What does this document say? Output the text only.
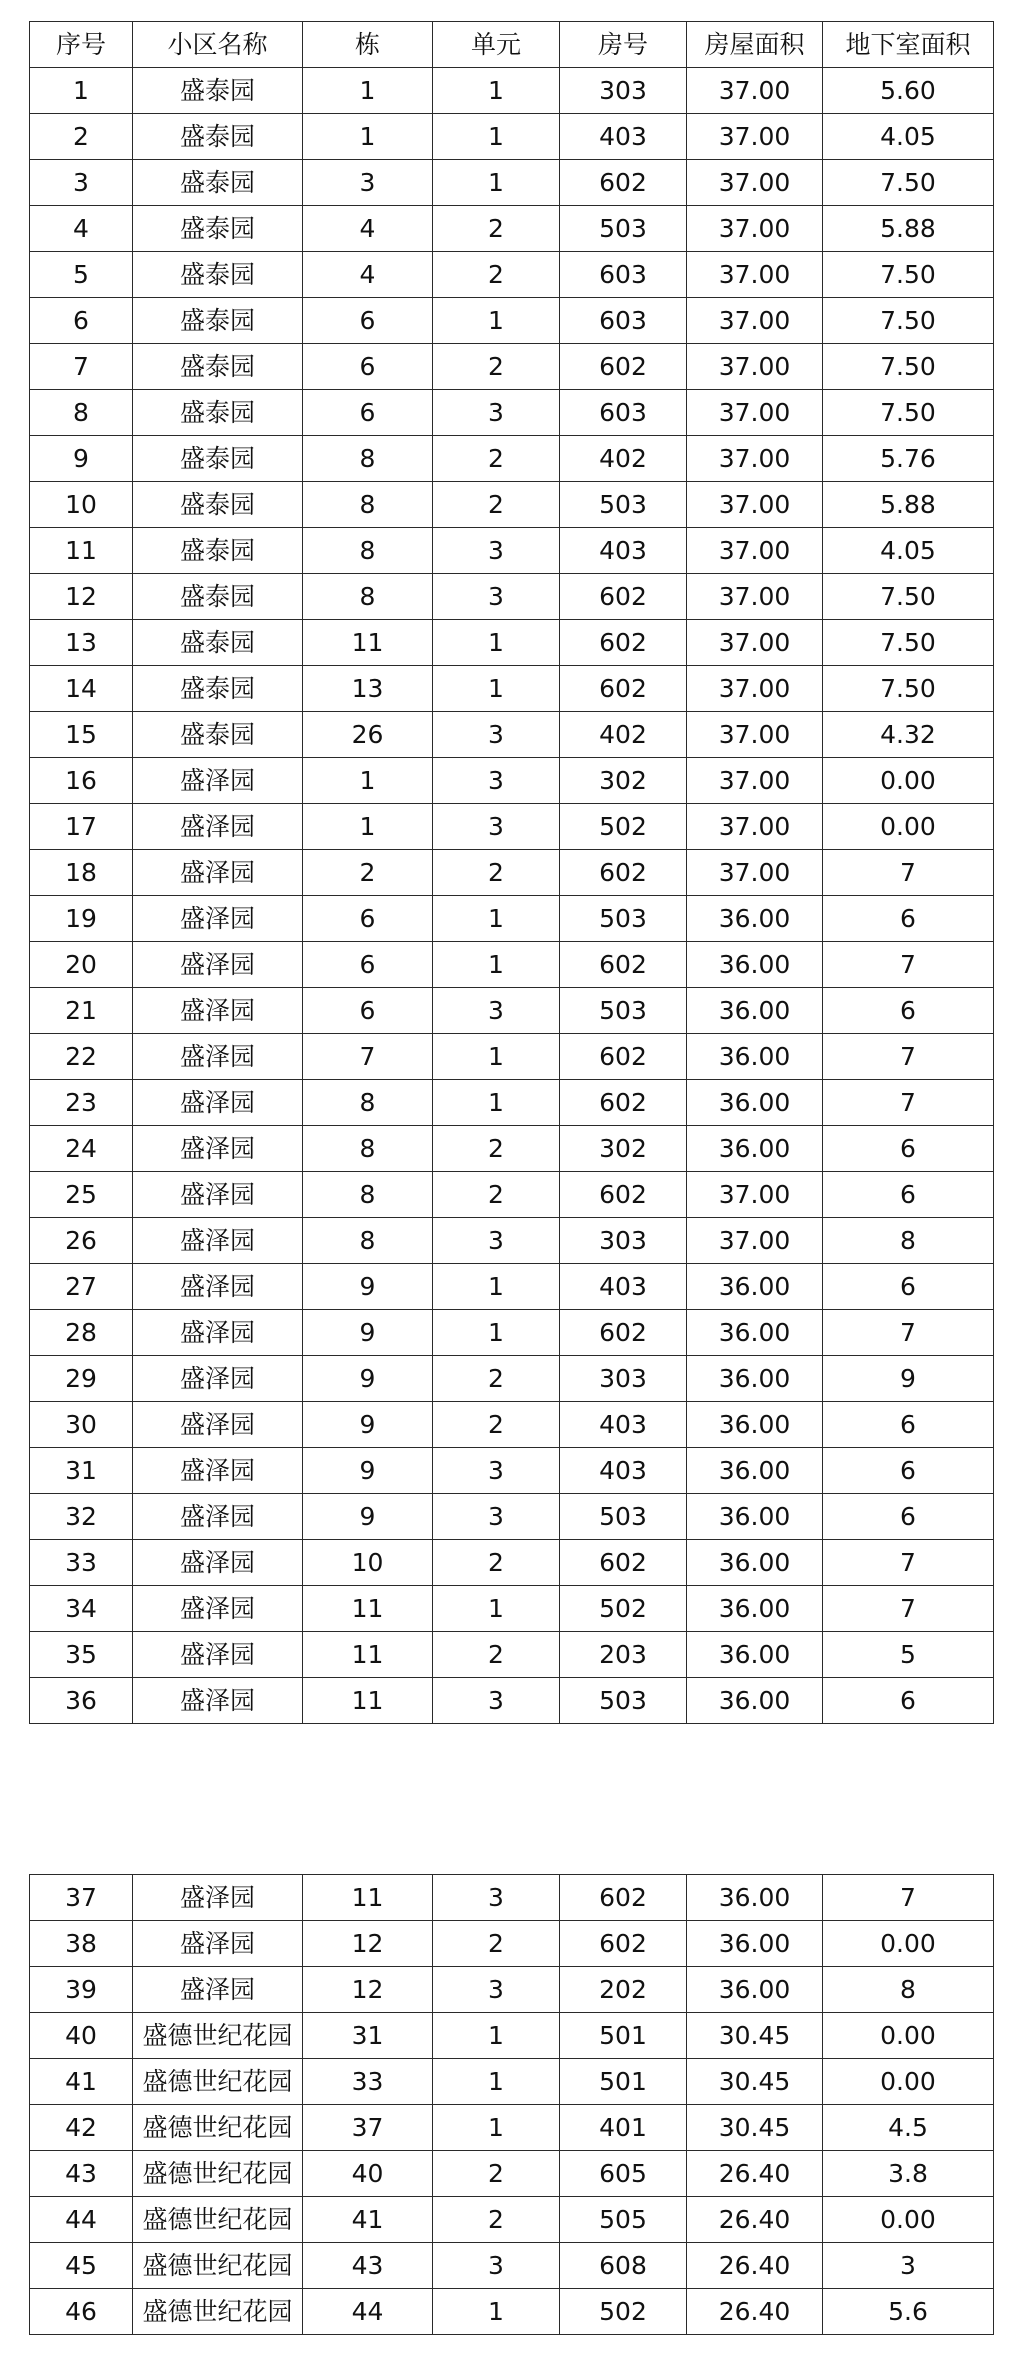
序号	小区名称	栋	单元	房号	房屋面积	地下室面积
1	盛泰园	1	1	303	37.00	5.60
2	盛泰园	1	1	403	37.00	4.05
3	盛泰园	3	1	602	37.00	7.50
4	盛泰园	4	2	503	37.00	5.88
5	盛泰园	4	2	603	37.00	7.50
6	盛泰园	6	1	603	37.00	7.50
7	盛泰园	6	2	602	37.00	7.50
8	盛泰园	6	3	603	37.00	7.50
9	盛泰园	8	2	402	37.00	5.76
10	盛泰园	8	2	503	37.00	5.88
11	盛泰园	8	3	403	37.00	4.05
12	盛泰园	8	3	602	37.00	7.50
13	盛泰园	11	1	602	37.00	7.50
14	盛泰园	13	1	602	37.00	7.50
15	盛泰园	26	3	402	37.00	4.32
16	盛泽园	1	3	302	37.00	0.00
17	盛泽园	1	3	502	37.00	0.00
18	盛泽园	2	2	602	37.00	7
19	盛泽园	6	1	503	36.00	6
20	盛泽园	6	1	602	36.00	7
21	盛泽园	6	3	503	36.00	6
22	盛泽园	7	1	602	36.00	7
23	盛泽园	8	1	602	36.00	7
24	盛泽园	8	2	302	36.00	6
25	盛泽园	8	2	602	37.00	6
26	盛泽园	8	3	303	37.00	8
27	盛泽园	9	1	403	36.00	6
28	盛泽园	9	1	602	36.00	7
29	盛泽园	9	2	303	36.00	9
30	盛泽园	9	2	403	36.00	6
31	盛泽园	9	3	403	36.00	6
32	盛泽园	9	3	503	36.00	6
33	盛泽园	10	2	602	36.00	7
34	盛泽园	11	1	502	36.00	7
35	盛泽园	11	2	203	36.00	5
36	盛泽园	11	3	503	36.00	6
37	盛泽园	11	3	602	36.00	7
38	盛泽园	12	2	602	36.00	0.00
39	盛泽园	12	3	202	36.00	8
40	盛德世纪花园	31	1	501	30.45	0.00
41	盛德世纪花园	33	1	501	30.45	0.00
42	盛德世纪花园	37	1	401	30.45	4.5
43	盛德世纪花园	40	2	605	26.40	3.8
44	盛德世纪花园	41	2	505	26.40	0.00
45	盛德世纪花园	43	3	608	26.40	3
46	盛德世纪花园	44	1	502	26.40	5.6
